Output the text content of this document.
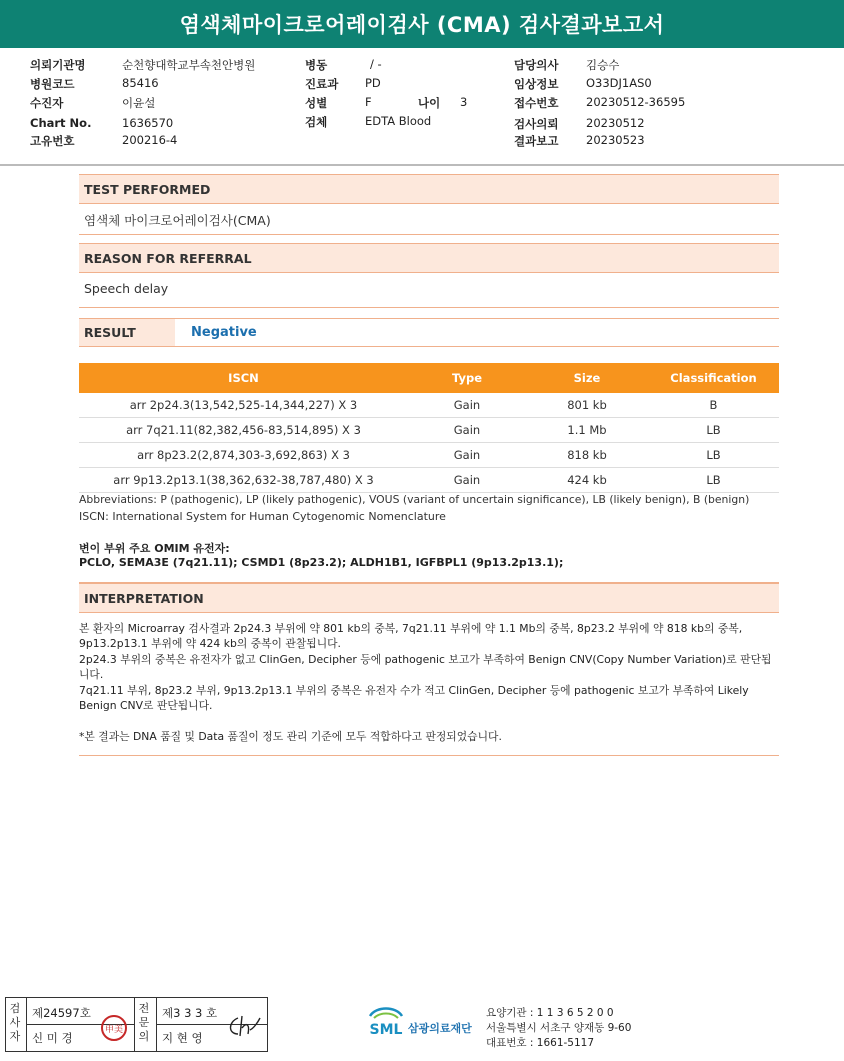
염색체마이크로어레이검사 (CMA) 검사결과보고서
의뢰기관명	순천향대학교부속천안병원
병원코드	85416
수진자	이윤설
Chart No.	1636570
고유번호	200216-4
병동	/ -
진료과 PD
성별	F	나이 3
검체	EDTA Blood
담당의사 김승수
임상정보 O33DJ1AS0
접수번호 20230512-36595
검사의뢰 20230512
결과보고 20230523
TEST PERFORMED
염색체 마이크로어레이검사(CMA)
REASON FOR REFERRAL
Speech delay
RESULT	Negative
ISCN	Type	Size	Classification
arr 2p24.3(13,542,525-14,344,227) X 3	Gain	801 kb	B
arr 7q21.11(82,382,456-83,514,895) X 3	Gain	1.1 Mb	LB
arr 8p23.2(2,874,303-3,692,863) X 3	Gain	818 kb	LB
arr 9p13.2p13.1(38,362,632-38,787,480) X 3	Gain	424 kb	LB
Abbreviations: P (pathogenic), LP (likely pathogenic), VOUS (variant of uncertain significance), LB (likely benign), B (benign)
ISCN: International System for Human Cytogenomic Nomenclature
변이 부위 주요 OMIM 유전자:
PCLO, SEMA3E (7q21.11); CSMD1 (8p23.2); ALDH1B1, IGFBPL1 (9p13.2p13.1);
INTERPRETATION
본 환자의 Microarray 검사결과 2p24.3 부위에 약 801 kb의 중복, 7q21.11 부위에 약 1.1 Mb의 중복, 8p23.2 부위에 약 818 kb의 중복, 9p13.2p13.1 부위에 약 424 kb의 중복이 관찰됩니다.
2p24.3 부위의 중복은 유전자가 없고 ClinGen, Decipher 등에 pathogenic 보고가 부족하여 Benign CNV(Copy Number Variation)로 판단됩니다.
7q21.11 부위, 8p23.2 부위, 9p13.2p13.1 부위의 중복은 유전자 수가 적고 ClinGen, Decipher 등에 pathogenic 보고가 부족하여 Likely Benign CNV로 판단됩니다.
*본 결과는 DNA 품질 및 Data 품질이 정도 관리 기준에 모두 적합하다고 판정되었습니다.
검사자
제24597호
신 미 경
申美
전문의
제3 3 3 호
지 현 영	SML 삼광의료재단
요양기관 : 1 1 3 6 5 2 0 0
서울특별시 서초구 양재동 9-60
대표번호 : 1661-5117
